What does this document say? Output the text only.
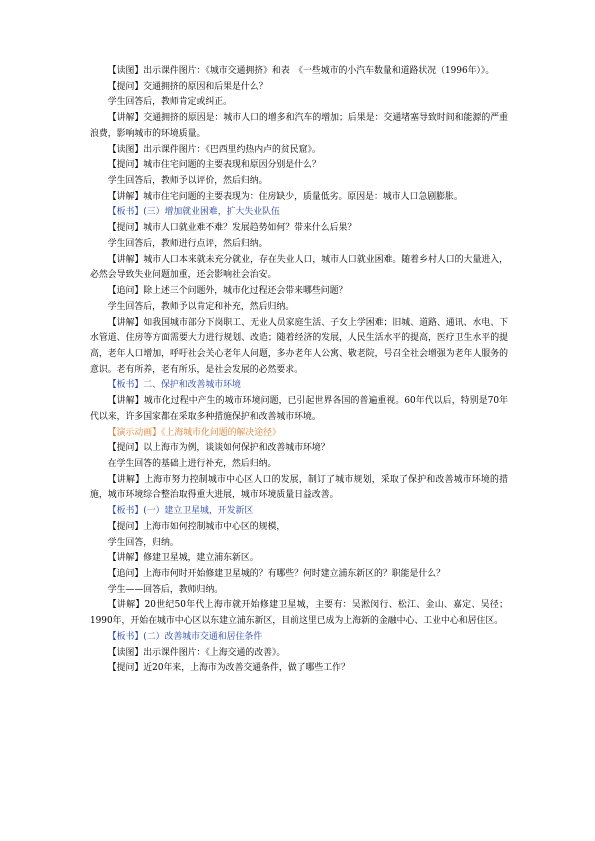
【读图】出示课件图片：《城市交通拥挤》和表　《一些城市的小汽车数量和道路状况（1996年）》。

【提问】交通拥挤的原因和后果是什么？

学生回答后，教师肯定或纠正。

【讲解】交通拥挤的原因是：城市人口的增多和汽车的增加；后果是：交通堵塞导致时间和能源的严重浪费，影响城市的环境质量。

【读图】出示课件图片：《巴西里约热内卢的贫民窟》。

【提问】城市住宅问题的主要表现和原因分别是什么？

学生回答后，教师予以评价，然后归纳。

【讲解】城市住宅问题的主要表现为：住房缺少，质量低劣。原因是：城市人口急剧膨胀。

【板书】(三）增加就业困难，扩大失业队伍

【提问】城市人口就业难不难？发展趋势如何？带来什么后果？

学生回答后，教师进行点评，然后归纳。

【讲解】城市人口本来就未充分就业，存在失业人口，城市人口就业困难。随着乡村人口的大量进入，必然会导致失业问题加重，还会影响社会治安。

【追问】除上述三个问题外，城市化过程还会带来哪些问题？

学生回答后，教师予以肯定和补充，然后归纳。

【讲解】如我国城市部分下岗职工、无业人员家庭生活、子女上学困难；旧城、道路、通讯、水电、下水管道、住房等方面需要大力进行规划、改造；随着经济的发展，人民生活水平的提高，医疗卫生水平的提高，老年人口增加，呼吁社会关心老年人问题，多办老年人公寓、敬老院，号召全社会增强为老年人服务的意识。老有所养，老有所乐，是社会发展的必然要求。

【板书】二、保护和改善城市环境

【讲解】城市化过程中产生的城市环境问题，已引起世界各国的普遍重视。60年代以后，特别是70年代以来，许多国家都在采取多种措施保护和改善城市环境。

【演示动画】《上海城市化问题的解决途径》

【提问】以上海市为例，谈谈如何保护和改善城市环境？

在学生回答的基础上进行补充，然后归纳。

【讲解】上海市努力控制城市中心区人口的发展，制订了城市规划，采取了保护和改善城市环境的措施，城市环境综合整治取得重大进展，城市环境质量日益改善。

【板书】(一）建立卫星城，开发新区

【提问】上海市如何控制城市中心区的规模，

学生回答，归纳。

【讲解】修建卫星城，建立浦东新区。

【追问】上海市何时开始修建卫星城的？有哪些？何时建立浦东新区的？职能是什么？

学生——回答后，教师归纳。

【讲解】20世纪50年代上海市就开始修建卫星城，主要有：吴淞闵行、松江、金山、嘉定、吴径；1990年，开始在城市中心区以东建立浦东新区，目前这里已成为上海新的金融中心、工业中心和居住区。

【板书】(二）改善城市交通和居住条件

【读图】出示课件图片：《上海交通的改善》。

【提问】近20年来，上海市为改善交通条件，做了哪些工作？
